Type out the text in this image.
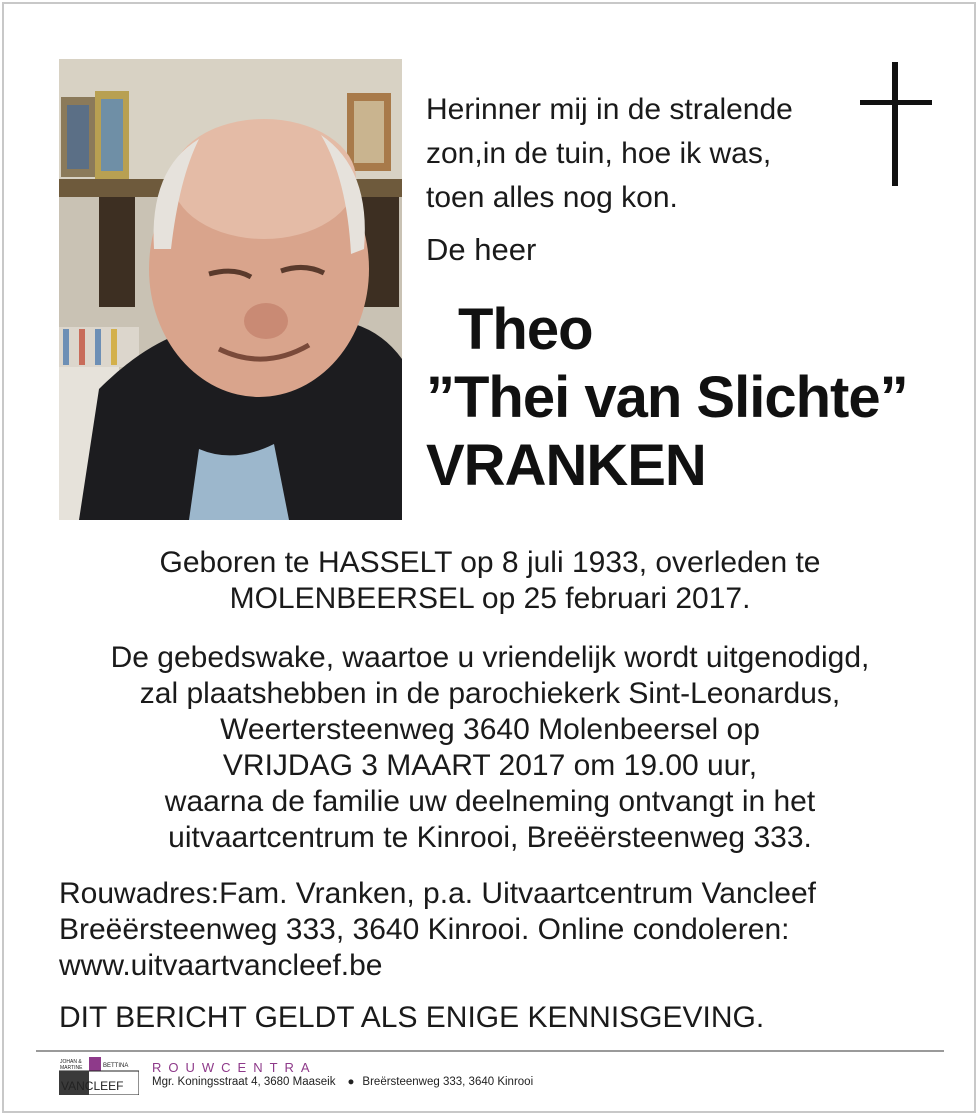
Herinner mij in de stralende
zon,in de tuin, hoe ik was,
toen alles nog kon.
De heer
Theo
”Thei van Slichte”
VRANKEN
Geboren te HASSELT op 8 juli 1933, overleden te
MOLENBEERSEL op 25 februari 2017.
De gebedswake, waartoe u vriendelijk wordt uitgenodigd,
zal plaatshebben in de parochiekerk Sint-Leonardus,
Weertersteenweg 3640 Molenbeersel op
VRIJDAG 3 MAART 2017 om 19.00 uur,
waarna de familie uw deelneming ontvangt in het
uitvaartcentrum te Kinrooi, Breëërsteenweg 333.
Rouwadres:Fam. Vranken, p.a. Uitvaartcentrum Vancleef
Breëërsteenweg 333, 3640 Kinrooi. Online condoleren:
www.uitvaartvancleef.be
DIT BERICHT GELDT ALS ENIGE KENNISGEVING.
JOHAN &
MARTINE	BETTINA
VANCLEEF
ROUWCENTRA
Mgr. Koningsstraat 4, 3680 Maaseik ● Breërsteenweg 333, 3640 Kinrooi
